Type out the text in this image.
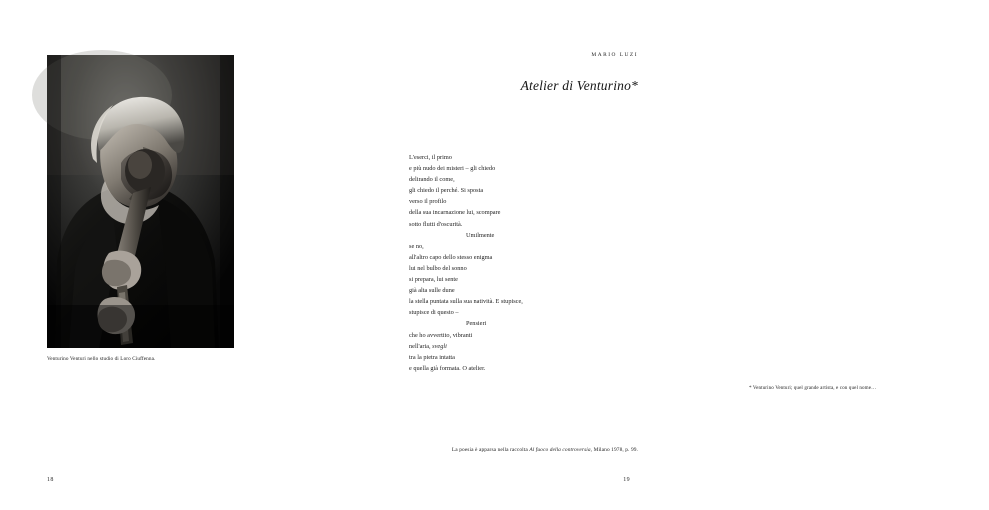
Venturino Venturi nello studio di Loro Ciuffenna.
18
MARIO LUZI
Atelier di Venturino*
L'eserci, il primo
e più nudo dei misteri – gli chiedo
delirando il come,
gli chiedo il perché. Si sposta
verso il profilo
della sua incarnazione lui, scompare
sotto flutti d'oscurità.
Umilmente
se no,
all'altro capo dello stesso enigma
lui nel bulbo del sonno
si prepara, lui sente
già alta sulle dune
la stella puntata sulla sua natività. E stupisce,
stupisce di questo –
Pensieri
che ho avvertito, vibranti
nell'aria, svegli
tra la pietra intatta
e quella già formata. O atelier.
* Venturino Venturi; quel grande artista, e con quel nome…
La poesia è apparsa nella raccolta Al fuoco della controversia, Milano 1978, p. 99.
19
